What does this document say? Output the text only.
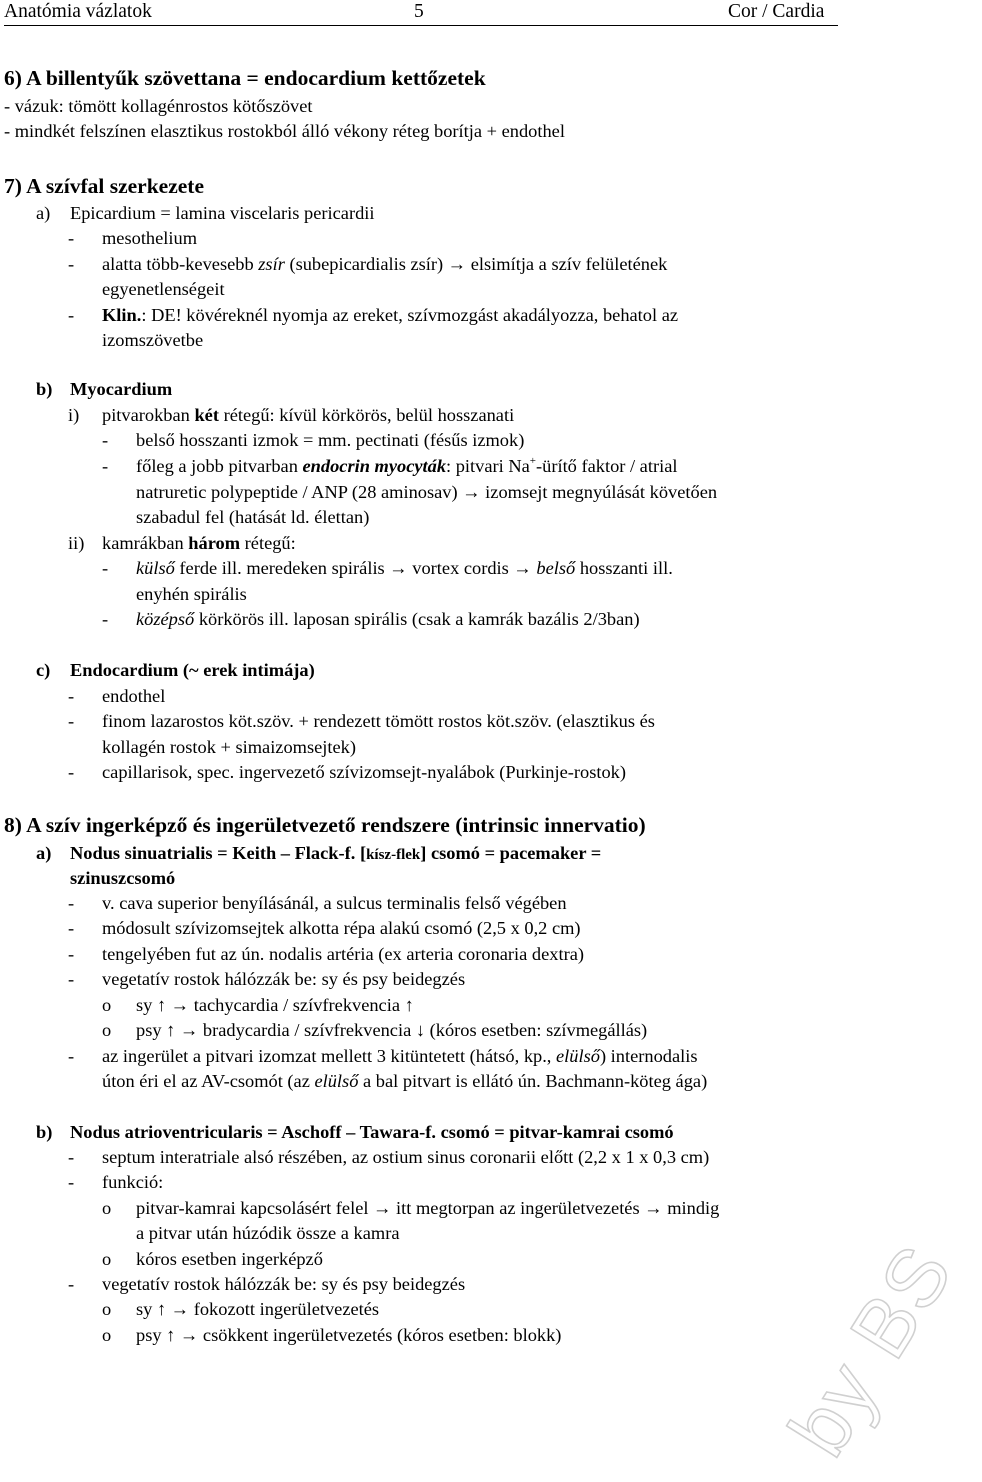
Anatómia vázlatok	5	Cor / Cardia
6) A billentyűk szövettana = endocardium kettőzetek
- vázuk: tömött kollagénrostos kötőszövet
- mindkét felszínen elasztikus rostokból álló vékony réteg borítja + endothel
7) A szívfal szerkezete
a) Epicardium = lamina viscelaris pericardii
- mesothelium
- alatta több-kevesebb zsír (subepicardialis zsír) → elsimítja a szív felületének
egyenetlenségeit
- Klin.: DE! kövéreknél nyomja az ereket, szívmozgást akadályozza, behatol az
izomszövetbe
b) Myocardium
i) pitvarokban két rétegű: kívül körkörös, belül hosszanati
- belső hosszanti izmok = mm. pectinati (fésűs izmok)
- főleg a jobb pitvarban endocrin myocyták: pitvari Na+-ürítő faktor / atrial
natruretic polypeptide / ANP (28 aminosav) → izomsejt megnyúlását követően
szabadul fel (hatását ld. élettan)
ii) kamrákban három rétegű:
- külső ferde ill. meredeken spirális → vortex cordis → belső hosszanti ill.
enyhén spirális
- középső körkörös ill. laposan spirális (csak a kamrák bazális 2/3ban)
c) Endocardium (~ erek intimája)
- endothel
- finom lazarostos köt.szöv. + rendezett tömött rostos köt.szöv. (elasztikus és
kollagén rostok + simaizomsejtek)
- capillarisok, spec. ingervezető szívizomsejt-nyalábok (Purkinje-rostok)
8) A szív ingerképző és ingerületvezető rendszere (intrinsic innervatio)
a) Nodus sinuatrialis = Keith – Flack-f. [kísz-flek] csomó = pacemaker =
szinuszcsomó
- v. cava superior benyílásánál, a sulcus terminalis felső végében
- módosult szívizomsejtek alkotta répa alakú csomó (2,5 x 0,2 cm)
- tengelyében fut az ún. nodalis artéria (ex arteria coronaria dextra)
- vegetatív rostok hálózzák be: sy és psy beidegzés
o sy ↑ → tachycardia / szívfrekvencia ↑
o psy ↑ → bradycardia / szívfrekvencia ↓ (kóros esetben: szívmegállás)
- az ingerület a pitvari izomzat mellett 3 kitüntetett (hátsó, kp., elülső) internodalis
úton éri el az AV-csomót (az elülső a bal pitvart is ellátó ún. Bachmann-köteg ága)
b) Nodus atrioventricularis = Aschoff – Tawara-f. csomó = pitvar-kamrai csomó
- septum interatriale alsó részében, az ostium sinus coronarii előtt (2,2 x 1 x 0,3 cm)
- funkció:
o pitvar-kamrai kapcsolásért felel → itt megtorpan az ingerületvezetés → mindig
a pitvar után húzódik össze a kamra
o kóros esetben ingerképző
- vegetatív rostok hálózzák be: sy és psy beidegzés
o sy ↑ → fokozott ingerületvezetés
o psy ↑ → csökkent ingerületvezetés (kóros esetben: blokk)	by BS
